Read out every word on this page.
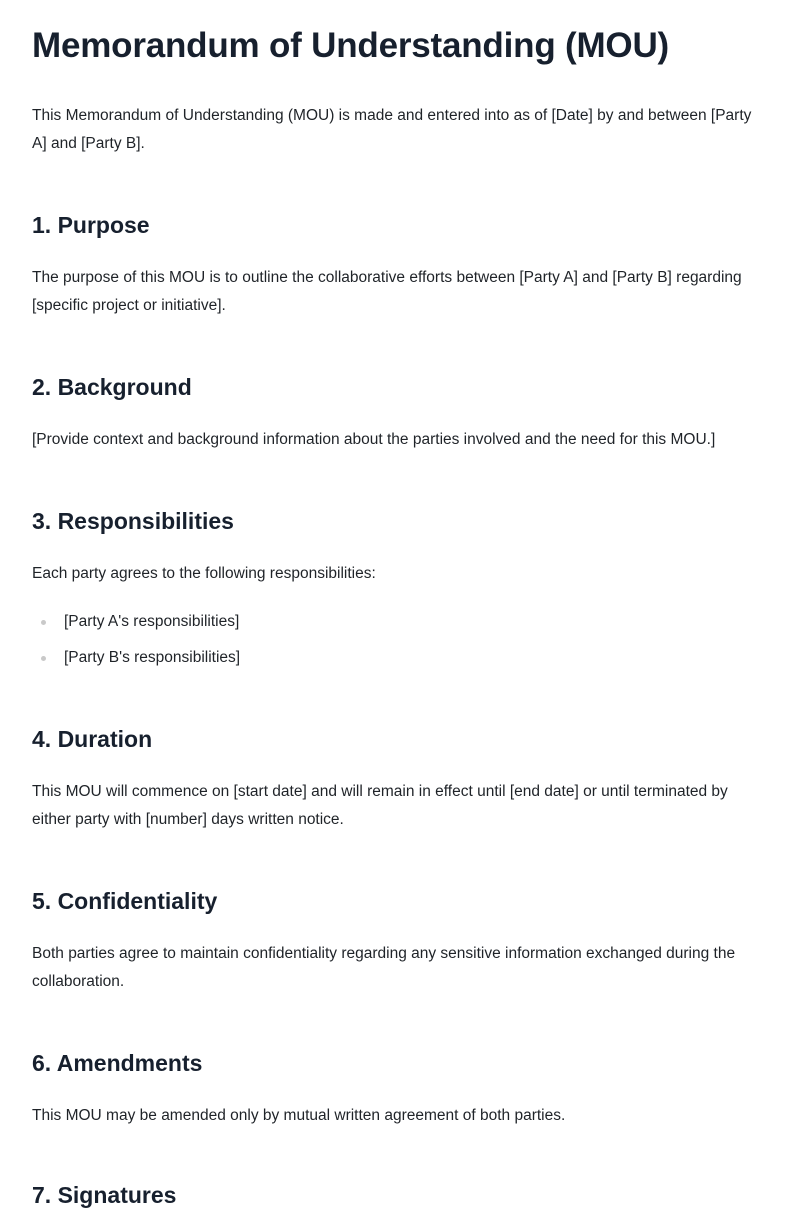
Memorandum of Understanding (MOU)

This Memorandum of Understanding (MOU) is made and entered into as of [Date] by and between [Party A] and [Party B].

1. Purpose

The purpose of this MOU is to outline the collaborative efforts between [Party A] and [Party B] regarding [specific project or initiative].

2. Background

[Provide context and background information about the parties involved and the need for this MOU.]

3. Responsibilities

Each party agrees to the following responsibilities:

[Party A's responsibilities]
[Party B's responsibilities]
4. Duration

This MOU will commence on [start date] and will remain in effect until [end date] or until terminated by either party with [number] days written notice.

5. Confidentiality

Both parties agree to maintain confidentiality regarding any sensitive information exchanged during the collaboration.

6. Amendments

This MOU may be amended only by mutual written agreement of both parties.

7. Signatures
